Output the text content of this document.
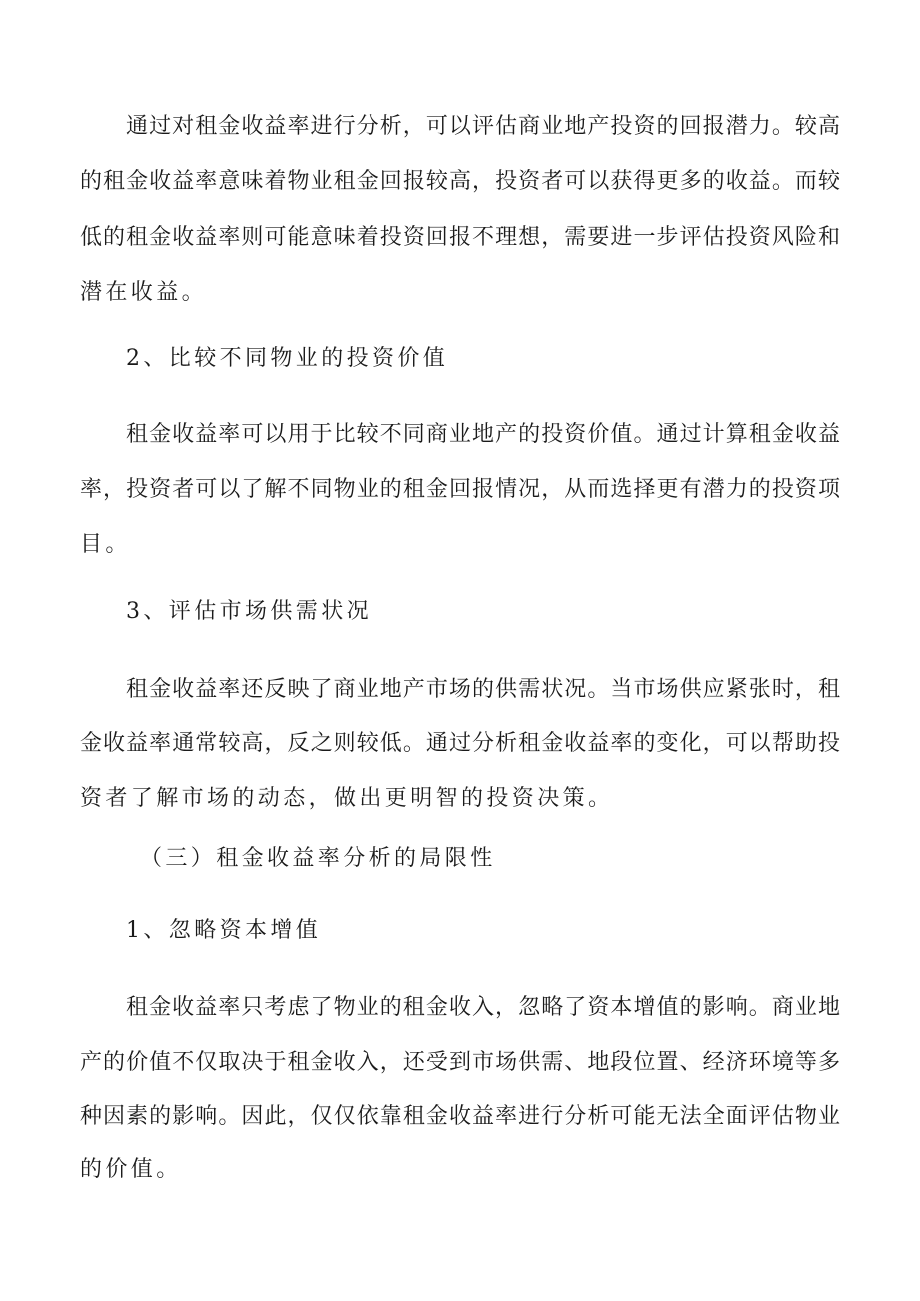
通过对租金收益率进行分析，可以评估商业地产投资的回报潜力。较高
的租金收益率意味着物业租金回报较高，投资者可以获得更多的收益。而较
低的租金收益率则可能意味着投资回报不理想，需要进一步评估投资风险和
潜在收益。
2、比较不同物业的投资价值
租金收益率可以用于比较不同商业地产的投资价值。通过计算租金收益
率，投资者可以了解不同物业的租金回报情况，从而选择更有潜力的投资项
目。
3、评估市场供需状况
租金收益率还反映了商业地产市场的供需状况。当市场供应紧张时，租
金收益率通常较高，反之则较低。通过分析租金收益率的变化，可以帮助投
资者了解市场的动态，做出更明智的投资决策。
（三）租金收益率分析的局限性
1、忽略资本增值
租金收益率只考虑了物业的租金收入，忽略了资本增值的影响。商业地
产的价值不仅取决于租金收入，还受到市场供需、地段位置、经济环境等多
种因素的影响。因此，仅仅依靠租金收益率进行分析可能无法全面评估物业
的价值。
